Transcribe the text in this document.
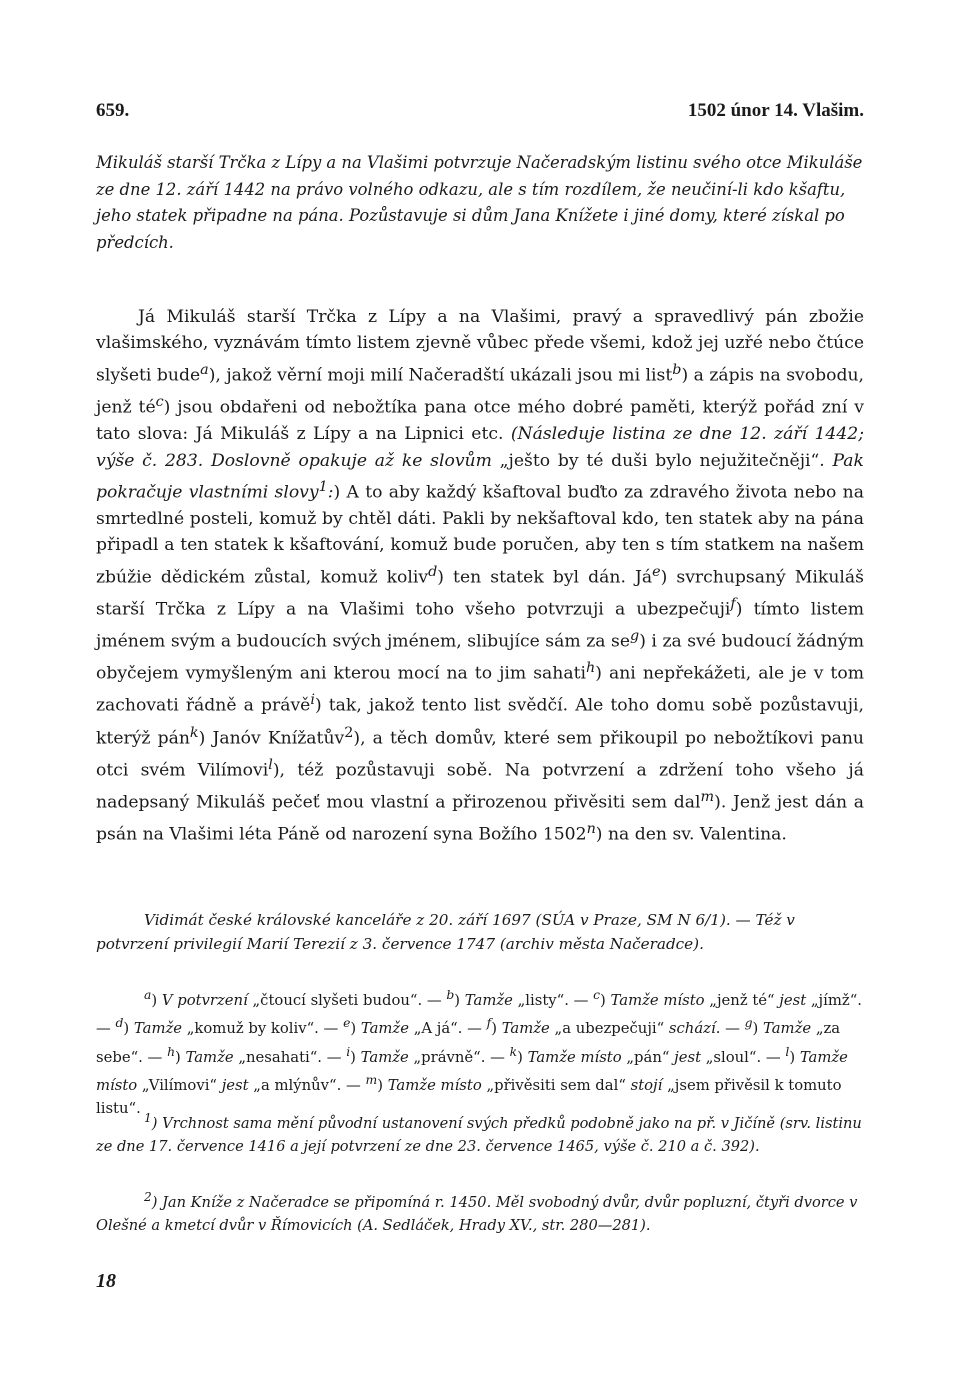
659.	1502 únor 14. Vlašim.

Mikuláš starší Trčka z Lípy a na Vlašimi potvrzuje Načeradským listinu svého otce Mikuláše ze dne 12. září 1442 na právo volného odkazu, ale s tím rozdílem, že neučiní-li kdo kšaftu, jeho statek připadne na pána. Pozůstavuje si dům Jana Knížete i jiné domy, které získal po předcích.

Já Mikuláš starší Trčka z Lípy a na Vlašimi, pravý a spravedlivý pán zbožie vlašimského, vyznávám tímto listem zjevně vůbec přede všemi, kdož jej uzřé nebo čtúce slyšeti bude$^a$), jakož věrní moji milí Načeradští ukázali jsou mi list$^b$) a zápis na svobodu, jenž $té^c$) jsou obdařeni od nebožtíka pana otce mého dobré paměti, kterýž pořád zní v tato slova: Já Mikuláš z Lípy a na Lipnici etc. (Následuje listina ze dne 12. září 1442; výše č. 283. Doslovně opakuje až ke slovům „ješto by té duši bylo nejužitečněji“. Pak pokračuje vlastními slovy$^1$:) A to aby každý kšaftoval buďto za zdravého života nebo na smrtedlné posteli, komuž by chtěl dáti. Pakli by nekšaftoval kdo, ten statek aby na pána připadl a ten statek k kšaftování, komuž bude poručen, aby ten s tím statkem na našem zbúžie dědickém zůstal, komuž koliv$^d$) ten statek byl dán. $Já^e$) svrchupsaný Mikuláš starší Trčka z Lípy a na Vlašimi toho všeho potvrzuji a ubezpečuji$^f$) tímto listem jménem svým a budoucích svých jménem, slibujíce sám za $se^g$) i za své budoucí žádným obyčejem vymyšleným ani kterou mocí na to jim sahati$^h$) ani nepřekážeti, ale je v tom zachovati řádně a právě$^i$) tak, jakož tento list svědčí. Ale toho domu sobě pozůstavuji, kterýž pán$^k$) Janóv Knížatův$^2$), a těch domův, které sem přikoupil po nebožtíkovi panu otci svém Vilímovi$^l$), též pozůstavuji sobě. Na potvrzení a zdržení toho všeho já nadepsaný Mikuláš pečeť mou vlastní a přirozenou přivěsiti sem dal$^m$). Jenž jest dán a psán na Vlašimi léta Páně od narození syna Božího 1502$^n$) na den sv. Valentina.

Vidimát české královské kanceláře z 20. září 1697 (SÚA v Praze, SM N 6/1). — Též v potvrzení privilegií Marií Terezií z 3. července 1747 (archiv města Načeradce).

$^a$) V potvrzení „čtoucí slyšeti budou“. — $^b$) Tamže „listy“. — $^c$) Tamže místo „jenž té“ jest „jímž“. — $^d$) Tamže „komuž by koliv“. — $^e$) Tamže „A já“. — $^f$) Tamže „a ubezpečuji“ schází. — $^g$) Tamže „za sebe“. — $^h$) Tamže „nesahati“. — $^i$) Tamže „právně“. — $^k$) Tamže místo „pán“ jest „sloul“. — $^l$) Tamže místo „Vilímovi“ jest „a mlýnův“. — $^m$) Tamže místo „přivěsiti sem dal“ stojí „jsem přivěsil k tomuto listu“.

$^1$) Vrchnost sama mění původní ustanovení svých předků podobně jako na př. v Jičíně (srv. listinu ze dne 17. července 1416 a její potvrzení ze dne 23. července 1465, výše č. 210 a č. 392).

$^2$) Jan Kníže z Načeradce se připomíná r. 1450. Měl svobodný dvůr, dvůr popluzní, čtyři dvorce v Olešné a kmetcí dvůr v Římovicích (A. Sedláček, Hrady XV., str. 280—281).

18
